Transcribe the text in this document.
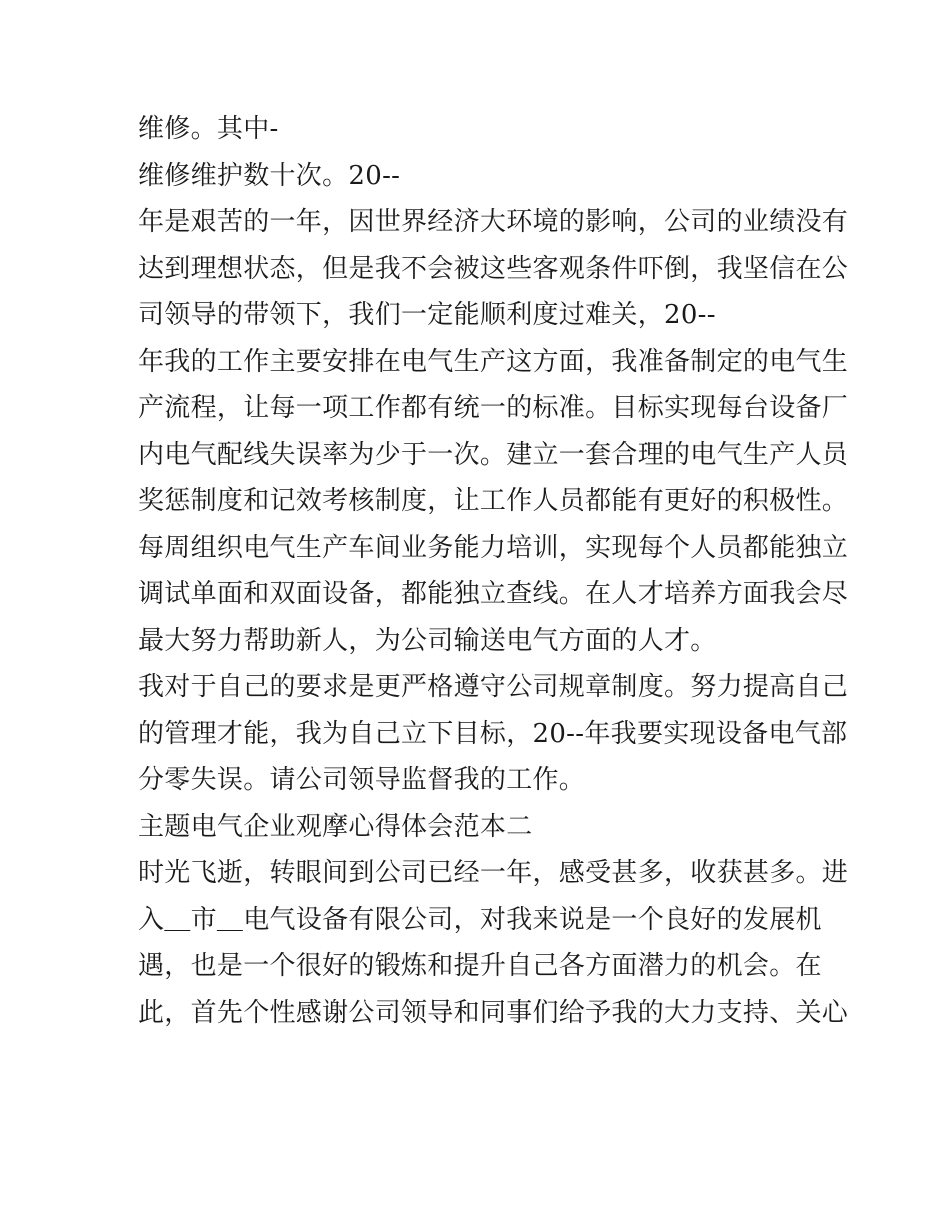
维修。其中-
维修维护数十次。20--
年是艰苦的一年，因世界经济大环境的影响，公司的业绩没有
达到理想状态，但是我不会被这些客观条件吓倒，我坚信在公
司领导的带领下，我们一定能顺利度过难关，20--
年我的工作主要安排在电气生产这方面，我准备制定的电气生
产流程，让每一项工作都有统一的标准。目标实现每台设备厂
内电气配线失误率为少于一次。建立一套合理的电气生产人员
奖惩制度和记效考核制度，让工作人员都能有更好的积极性。
每周组织电气生产车间业务能力培训，实现每个人员都能独立
调试单面和双面设备，都能独立查线。在人才培养方面我会尽
最大努力帮助新人，为公司输送电气方面的人才。
我对于自己的要求是更严格遵守公司规章制度。努力提高自己
的管理才能，我为自己立下目标，20--年我要实现设备电气部
分零失误。请公司领导监督我的工作。
主题电气企业观摩心得体会范本二
时光飞逝，转眼间到公司已经一年，感受甚多，收获甚多。进
入＿市＿电气设备有限公司，对我来说是一个良好的发展机
遇，也是一个很好的锻炼和提升自己各方面潜力的机会。在
此，首先个性感谢公司领导和同事们给予我的大力支持、关心
